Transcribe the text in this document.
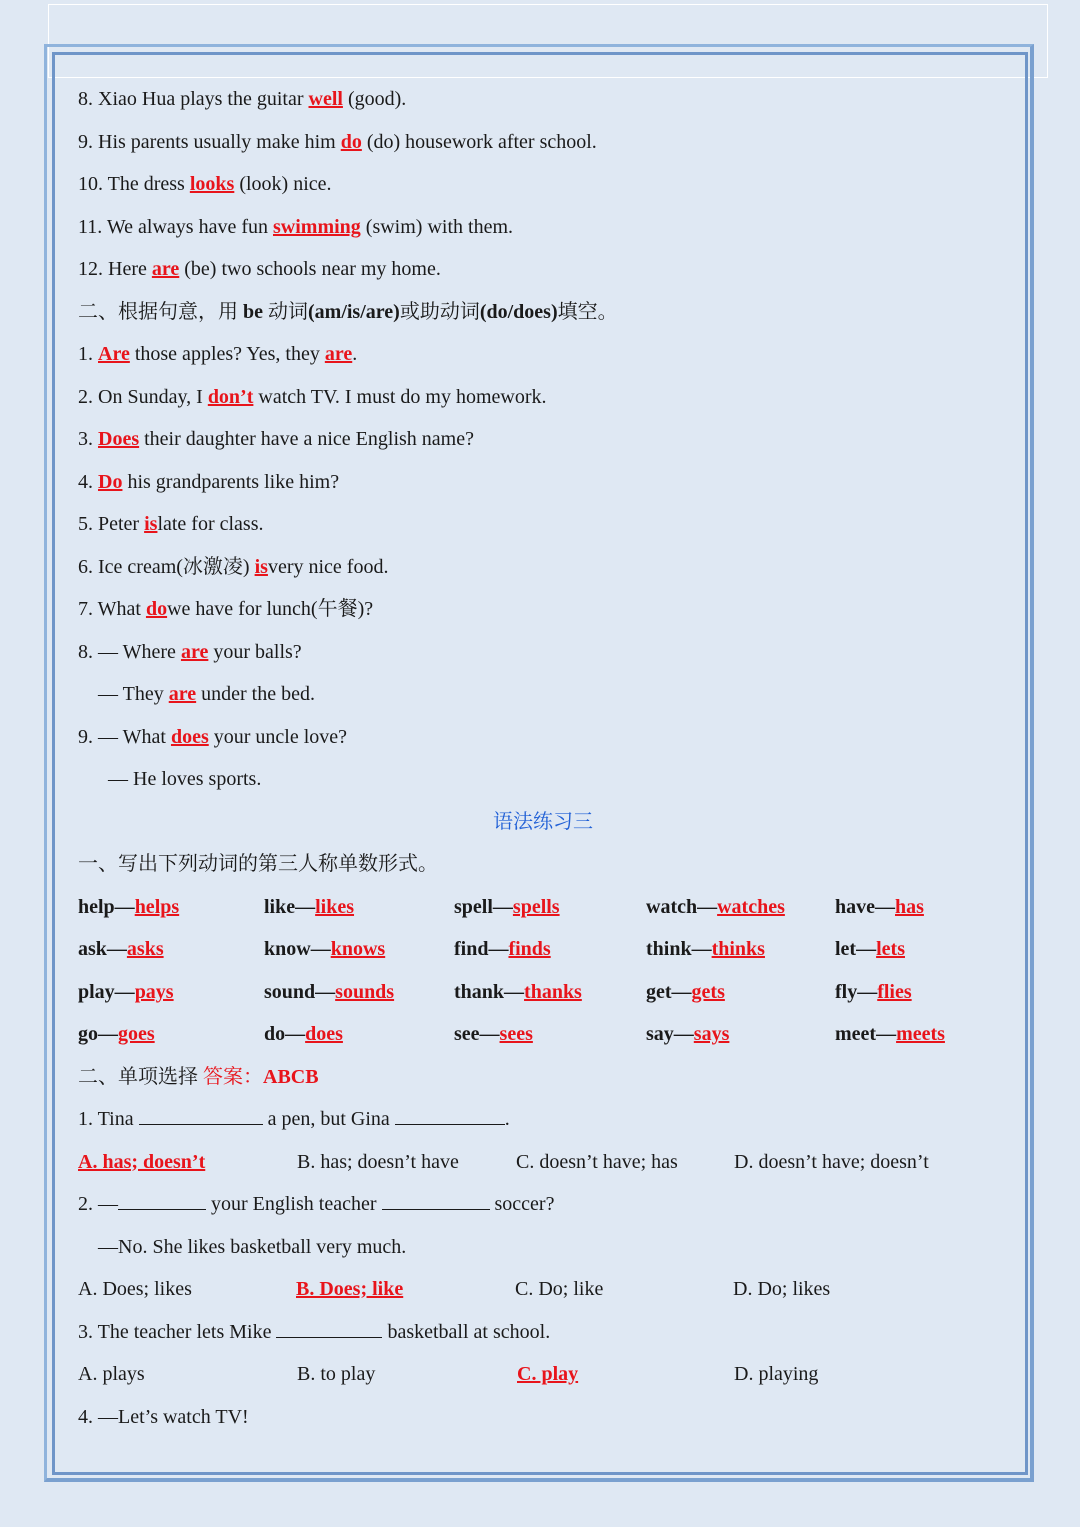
8. Xiao Hua plays the guitar well (good).
9. His parents usually make him do (do) housework after school.
10. The dress looks (look) nice.
11. We always have fun swimming (swim) with them.
12. Here are (be) two schools near my home.
二、根据句意，用 be 动词(am/is/are)或助动词(do/does)填空。
1. Are those apples? Yes, they are.
2. On Sunday, I don’t watch TV. I must do my homework.
3. Does their daughter have a nice English name?
4. Do his grandparents like him?
5. Peter islate for class.
6. Ice cream(冰激凌) isvery nice food.
7. What dowe have for lunch(午餐)?
8. — Where are your balls?
— They are under the bed.
9. — What does your uncle love?
— He loves sports.
语法练习三
一、写出下列动词的第三人称单数形式。
help—helps	like—likes	spell—spells	watch—watches	have—has
ask—asks	know—knows	find—finds	think—thinks	let—lets
play—pays	sound—sounds	thank—thanks	get—gets	fly—flies
go—goes	do—does	see—sees	say—says	meet—meets
二、单项选择 答案：ABCB
1. Tina	a pen, but Gina	.
A. has; doesn’t	B. has; doesn’t have	C. doesn’t have; has	D. doesn’t have; doesn’t
2. —	your English teacher	soccer?
—No. She likes basketball very much.
A. Does; likes	B. Does; like	C. Do; like	D. Do; likes
3. The teacher lets Mike	basketball at school.
A. plays	B. to play	C. play	D. playing
4. —Let’s watch TV!
